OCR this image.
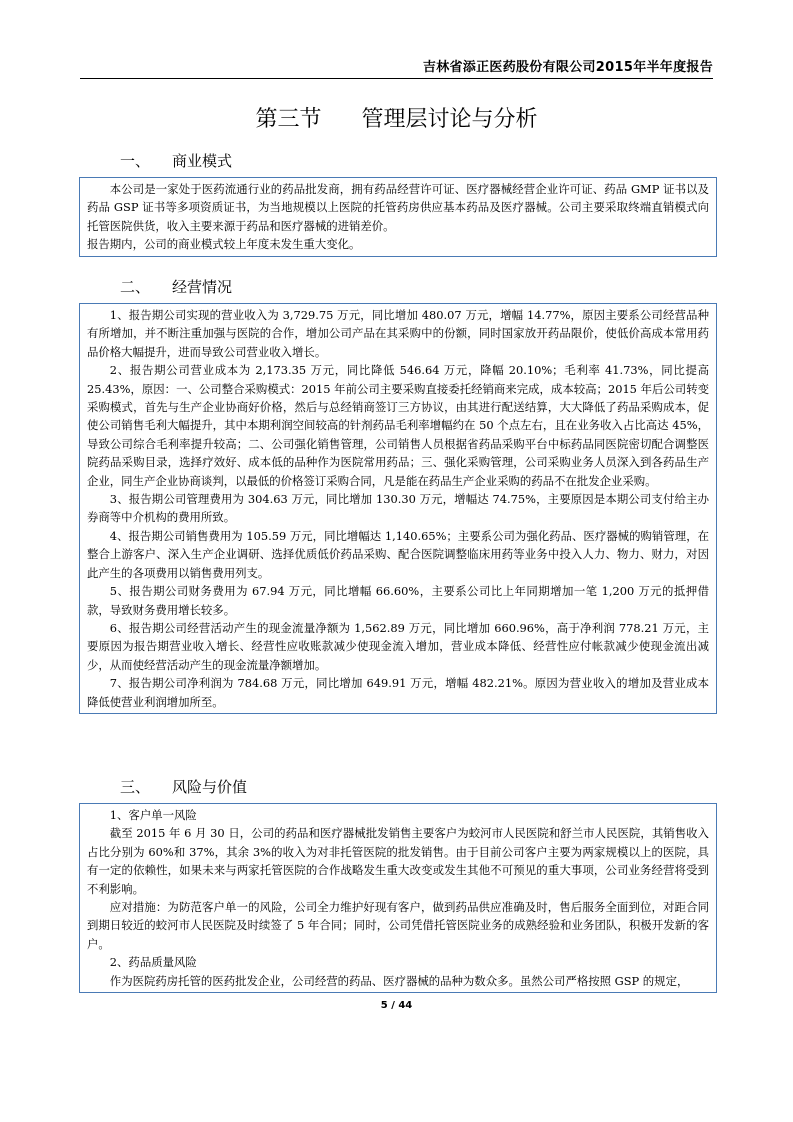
吉林省添正医药股份有限公司2015年半年度报告
第三节 管理层讨论与分析
一、 商业模式

本公司是一家处于医药流通行业的药品批发商，拥有药品经营许可证、医疗器械经营企业许可证、药品 GMP 证书以及药品 GSP 证书等多项资质证书，为当地规模以上医院的托管药房供应基本药品及医疗器械。公司主要采取终端直销模式向托管医院供货，收入主要来源于药品和医疗器械的进销差价。

报告期内，公司的商业模式较上年度未发生重大变化。

二、 经营情况

1、报告期公司实现的营业收入为 3,729.75 万元，同比增加 480.07 万元，增幅 14.77%，原因主要系公司经营品种有所增加，并不断注重加强与医院的合作，增加公司产品在其采购中的份额，同时国家放开药品限价，使低价高成本常用药品价格大幅提升，进而导致公司营业收入增长。

2、报告期公司营业成本为 2,173.35 万元，同比降低 546.64 万元，降幅 20.10%；毛利率 41.73%，同比提高 25.43%，原因：一、公司整合采购模式：2015 年前公司主要采购直接委托经销商来完成，成本较高；2015 年后公司转变采购模式，首先与生产企业协商好价格，然后与总经销商签订三方协议，由其进行配送结算，大大降低了药品采购成本，促使公司销售毛利大幅提升，其中本期利润空间较高的针剂药品毛利率增幅约在 50 个点左右，且在业务收入占比高达 45%，导致公司综合毛利率提升较高；二、公司强化销售管理，公司销售人员根据省药品采购平台中标药品同医院密切配合调整医院药品采购目录，选择疗效好、成本低的品种作为医院常用药品；三、强化采购管理，公司采购业务人员深入到各药品生产企业，同生产企业协商谈判，以最低的价格签订采购合同，凡是能在药品生产企业采购的药品不在批发企业采购。

3、报告期公司管理费用为 304.63 万元，同比增加 130.30 万元，增幅达 74.75%，主要原因是本期公司支付给主办券商等中介机构的费用所致。

4、报告期公司销售费用为 105.59 万元，同比增幅达 1,140.65%；主要系公司为强化药品、医疗器械的购销管理，在整合上游客户、深入生产企业调研、选择优质低价药品采购、配合医院调整临床用药等业务中投入人力、物力、财力，对因此产生的各项费用以销售费用列支。

5、报告期公司财务费用为 67.94 万元，同比增幅 66.60%，主要系公司比上年同期增加一笔 1,200 万元的抵押借款，导致财务费用增长较多。

6、报告期公司经营活动产生的现金流量净额为 1,562.89 万元，同比增加 660.96%，高于净利润 778.21 万元，主要原因为报告期营业收入增长、经营性应收账款减少使现金流入增加，营业成本降低、经营性应付帐款减少使现金流出减少，从而使经营活动产生的现金流量净额增加。

7、报告期公司净利润为 784.68 万元，同比增加 649.91 万元，增幅 482.21%。原因为营业收入的增加及营业成本降低使营业利润增加所至。

三、 风险与价值

1、客户单一风险

截至 2015 年 6 月 30 日，公司的药品和医疗器械批发销售主要客户为蛟河市人民医院和舒兰市人民医院，其销售收入占比分别为 60%和 37%，其余 3%的收入为对非托管医院的批发销售。由于目前公司客户主要为两家规模以上的医院，具有一定的依赖性，如果未来与两家托管医院的合作战略发生重大改变或发生其他不可预见的重大事项，公司业务经营将受到不利影响。

应对措施：为防范客户单一的风险，公司全力维护好现有客户，做到药品供应准确及时，售后服务全面到位，对距合同到期日较近的蛟河市人民医院及时续签了 5 年合同；同时，公司凭借托管医院业务的成熟经验和业务团队，积极开发新的客户。

2、药品质量风险

作为医院药房托管的医药批发企业，公司经营的药品、医疗器械的品种为数众多。虽然公司严格按照 GSP 的规定，

5 / 44
